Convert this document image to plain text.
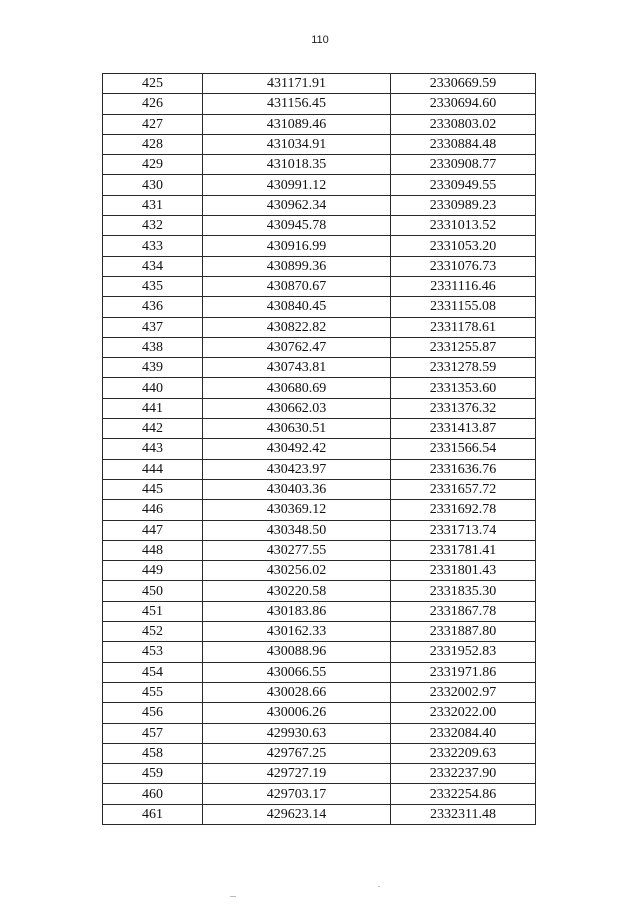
110
425	431171.91	2330669.59
426	431156.45	2330694.60
427	431089.46	2330803.02
428	431034.91	2330884.48
429	431018.35	2330908.77
430	430991.12	2330949.55
431	430962.34	2330989.23
432	430945.78	2331013.52
433	430916.99	2331053.20
434	430899.36	2331076.73
435	430870.67	2331116.46
436	430840.45	2331155.08
437	430822.82	2331178.61
438	430762.47	2331255.87
439	430743.81	2331278.59
440	430680.69	2331353.60
441	430662.03	2331376.32
442	430630.51	2331413.87
443	430492.42	2331566.54
444	430423.97	2331636.76
445	430403.36	2331657.72
446	430369.12	2331692.78
447	430348.50	2331713.74
448	430277.55	2331781.41
449	430256.02	2331801.43
450	430220.58	2331835.30
451	430183.86	2331867.78
452	430162.33	2331887.80
453	430088.96	2331952.83
454	430066.55	2331971.86
455	430028.66	2332002.97
456	430006.26	2332022.00
457	429930.63	2332084.40
458	429767.25	2332209.63
459	429727.19	2332237.90
460	429703.17	2332254.86
461	429623.14	2332311.48
